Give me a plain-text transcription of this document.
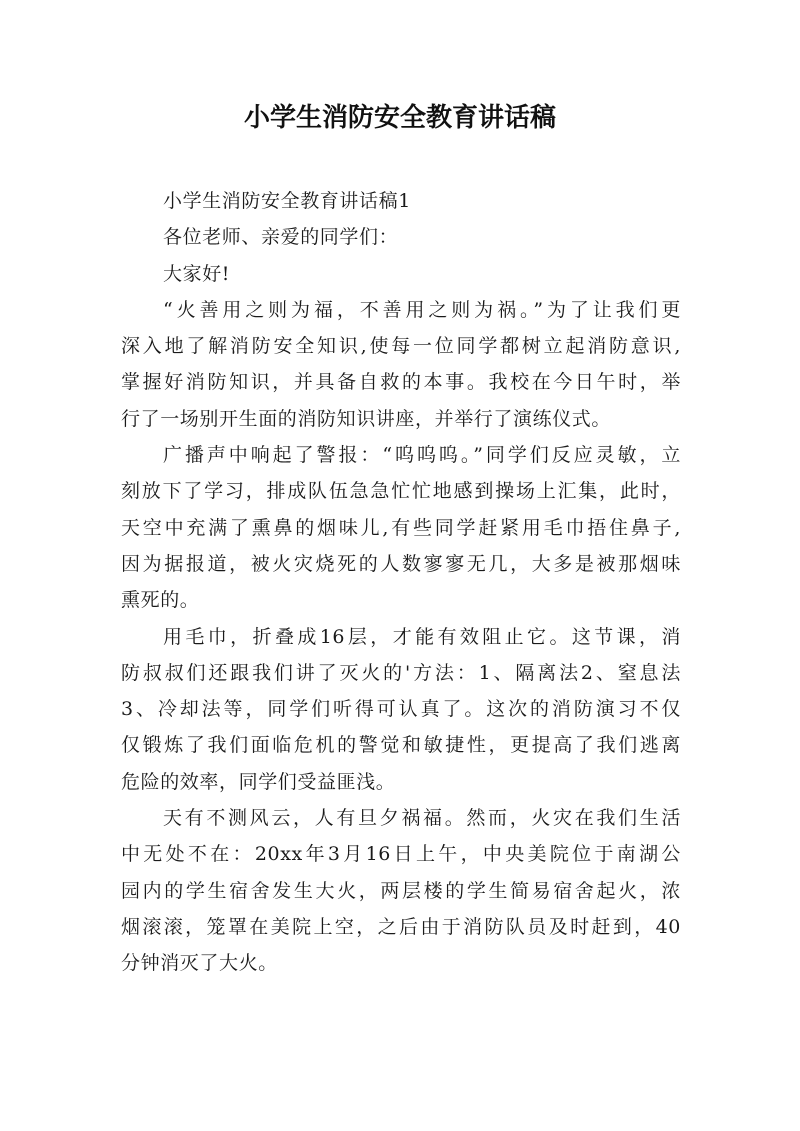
小学生消防安全教育讲话稿
小学生消防安全教育讲话稿1
各位老师、亲爱的同学们：
大家好!
“火善用之则为福，不善用之则为祸。”为了让我们更
深入地了解消防安全知识,使每一位同学都树立起消防意识,
掌握好消防知识，并具备自救的本事。我校在今日午时，举
行了一场别开生面的消防知识讲座，并举行了演练仪式。
广播声中响起了警报：“呜呜呜。”同学们反应灵敏，立
刻放下了学习，排成队伍急急忙忙地感到操场上汇集，此时，
天空中充满了熏鼻的烟味儿,有些同学赶紧用毛巾捂住鼻子,
因为据报道，被火灾烧死的人数寥寥无几，大多是被那烟味
熏死的。
用毛巾，折叠成16层，才能有效阻止它。这节课，消
防叔叔们还跟我们讲了灭火的'方法：1、隔离法2、窒息法
3、冷却法等，同学们听得可认真了。这次的消防演习不仅
仅锻炼了我们面临危机的警觉和敏捷性，更提高了我们逃离
危险的效率，同学们受益匪浅。
天有不测风云，人有旦夕祸福。然而，火灾在我们生活
中无处不在：20xx年3月16日上午，中央美院位于南湖公
园内的学生宿舍发生大火，两层楼的学生简易宿舍起火，浓
烟滚滚，笼罩在美院上空，之后由于消防队员及时赶到，40
分钟消灭了大火。
